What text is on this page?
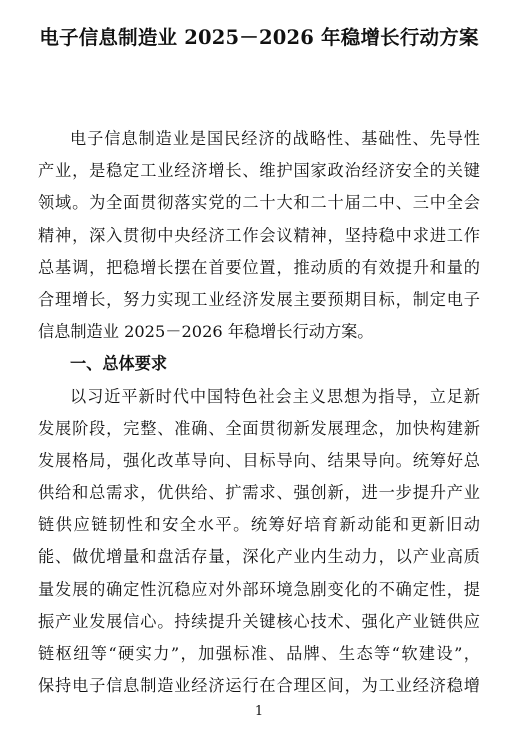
电子信息制造业 2025－2026 年稳增长行动方案
电子信息制造业是国民经济的战略性、基础性、先导性
产业，是稳定工业经济增长、维护国家政治经济安全的关键
领域。为全面贯彻落实党的二十大和二十届二中、三中全会
精神，深入贯彻中央经济工作会议精神，坚持稳中求进工作
总基调，把稳增长摆在首要位置，推动质的有效提升和量的
合理增长，努力实现工业经济发展主要预期目标，制定电子
信息制造业 2025－2026 年稳增长行动方案。
一、总体要求
以习近平新时代中国特色社会主义思想为指导，立足新
发展阶段，完整、准确、全面贯彻新发展理念，加快构建新
发展格局，强化改革导向、目标导向、结果导向。统筹好总
供给和总需求，优供给、扩需求、强创新，进一步提升产业
链供应链韧性和安全水平。统筹好培育新动能和更新旧动
能、做优增量和盘活存量，深化产业内生动力，以产业高质
量发展的确定性沉稳应对外部环境急剧变化的不确定性，提
振产业发展信心。持续提升关键核心技术、强化产业链供应
链枢纽等“硬实力”，加强标准、品牌、生态等“软建设”，
保持电子信息制造业经济运行在合理区间，为工业经济稳增
1
